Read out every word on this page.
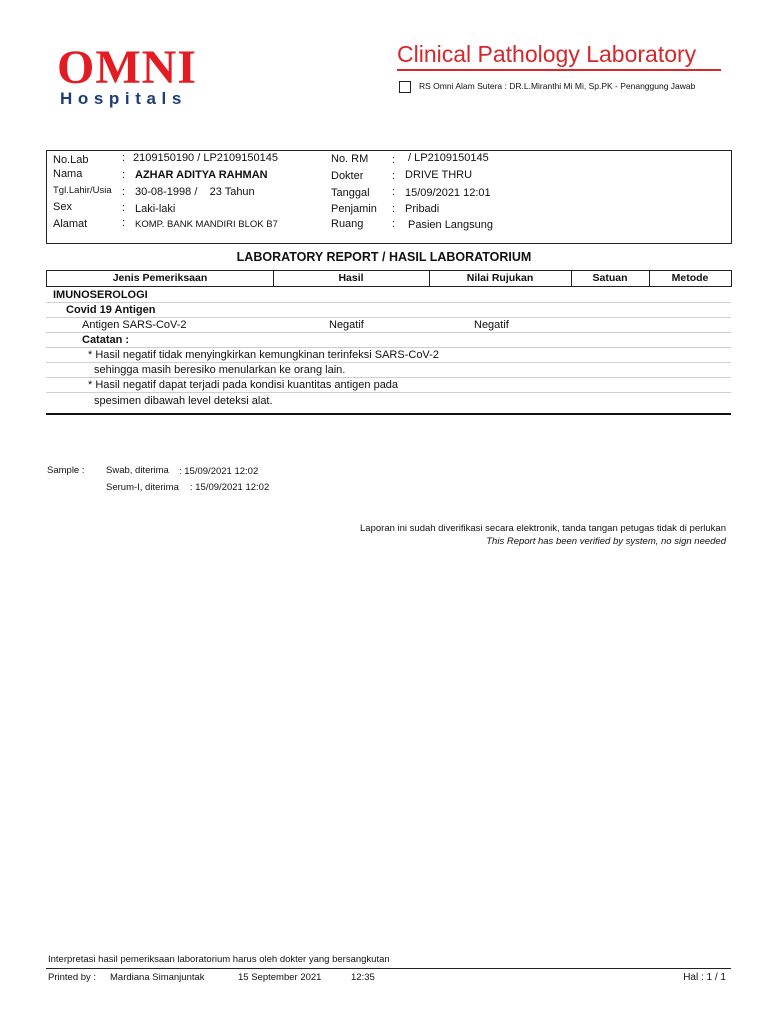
OMNI
Hospitals
Clinical Pathology Laboratory
RS Omni Alam Sutera : DR.L.Miranthi Mi Mi, Sp.PK - Penanggung Jawab
No.Lab	: 2109150190 / LP2109150145
Nama	: AZHAR ADITYA RAHMAN
Tgl.Lahir/Usia : 30-08-1998 /    23 Tahun
Sex	: Laki-laki
Alamat	: KOMP. BANK MANDIRI BLOK B7
No. RM : / LP2109150145
Dokter	: DRIVE THRU
Tanggal : 15/09/2021 12:01
Penjamin : Pribadi
Ruang	: Pasien Langsung
LABORATORY REPORT / HASIL LABORATORIUM
Jenis Pemeriksaan	Hasil	Nilai Rujukan	Satuan	Metode
IMUNOSEROLOGI
Covid 19 Antigen
Antigen SARS-CoV-2	Negatif	Negatif
Catatan :
* Hasil negatif tidak menyingkirkan kemungkinan terinfeksi SARS-CoV-2
sehingga masih beresiko menularkan ke orang lain.
* Hasil negatif dapat terjadi pada kondisi kuantitas antigen pada
spesimen dibawah level deteksi alat.
Sample : Swab, diterima : 15/09/2021 12:02
Serum-I, diterima : 15/09/2021 12:02
Laporan ini sudah diverifikasi secara elektronik, tanda tangan petugas tidak di perlukan
This Report has been verified by system, no sign needed
Interpretasi hasil pemeriksaan laboratorium harus oleh dokter yang bersangkutan
Printed by : Mardiana Simanjuntak	15 September 2021	12:35	Hal : 1 / 1
